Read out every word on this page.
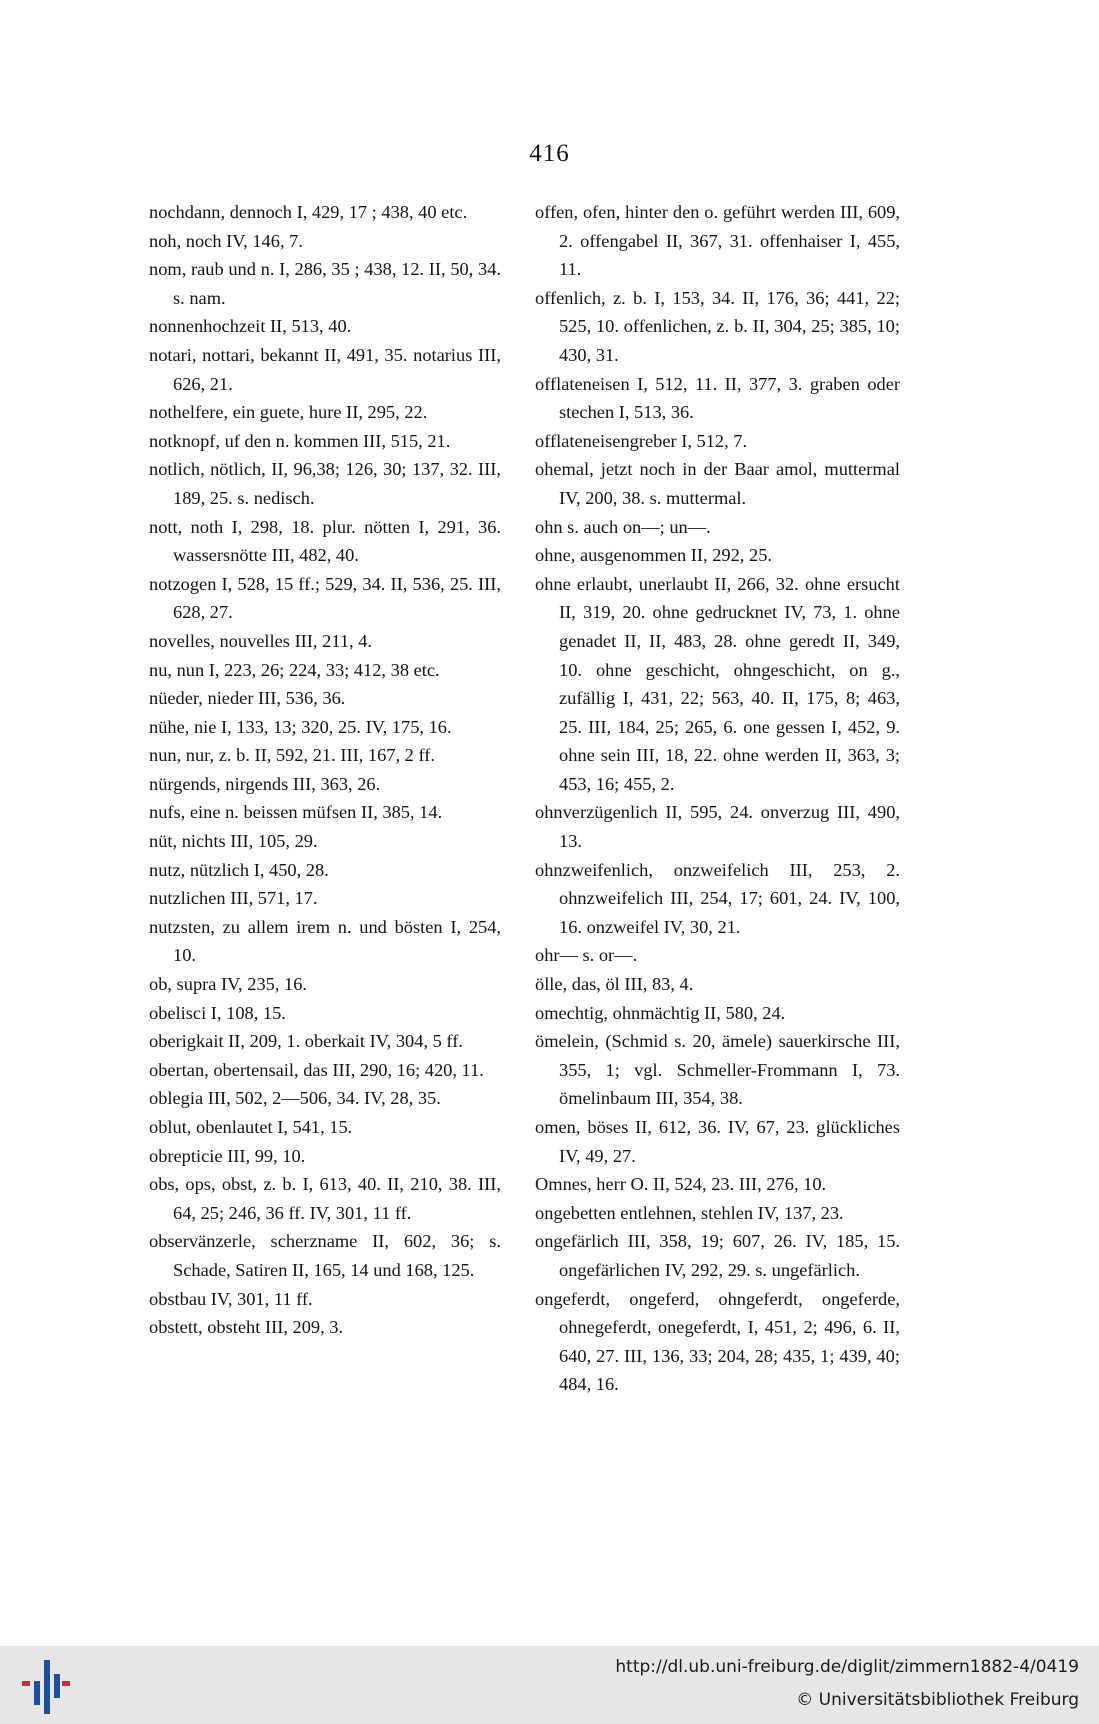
416
nochdann, dennoch I, 429, 17 ; 438, 40 etc.
noh, noch IV, 146, 7.
nom, raub und n. I, 286, 35 ; 438, 12. II, 50, 34. s. nam.
nonnenhochzeit II, 513, 40.
notari, nottari, bekannt II, 491, 35. notarius III, 626, 21.
nothelfere, ein guete, hure II, 295, 22.
notknopf, uf den n. kommen III, 515, 21.
notlich, nötlich, II, 96,38; 126, 30; 137, 32. III, 189, 25. s. nedisch.
nott, noth I, 298, 18. plur. nötten I, 291, 36. wassersnötte III, 482, 40.
notzogen I, 528, 15 ff.; 529, 34. II, 536, 25. III, 628, 27.
novelles, nouvelles III, 211, 4.
nu, nun I, 223, 26; 224, 33; 412, 38 etc.
nüeder, nieder III, 536, 36.
nühe, nie I, 133, 13; 320, 25. IV, 175, 16.
nun, nur, z. b. II, 592, 21. III, 167, 2 ff.
nürgends, nirgends III, 363, 26.
nufs, eine n. beissen müfsen II, 385, 14.
nüt, nichts III, 105, 29.
nutz, nützlich I, 450, 28.
nutzlichen III, 571, 17.
nutzsten, zu allem irem n. und bösten I, 254, 10.
ob, supra IV, 235, 16.
obelisci I, 108, 15.
oberigkait II, 209, 1. oberkait IV, 304, 5 ff.
obertan, obertensail, das III, 290, 16; 420, 11.
oblegia III, 502, 2—506, 34. IV, 28, 35.
oblut, obenlautet I, 541, 15.
obrepticie III, 99, 10.
obs, ops, obst, z. b. I, 613, 40. II, 210, 38. III, 64, 25; 246, 36 ff. IV, 301, 11 ff.
observänzerle, scherzname II, 602, 36; s. Schade, Satiren II, 165, 14 und 168, 125.
obstbau IV, 301, 11 ff.
obstett, obsteht III, 209, 3.
offen, ofen, hinter den o. geführt werden III, 609, 2. offengabel II, 367, 31. offenhaiser I, 455, 11.
offenlich, z. b. I, 153, 34. II, 176, 36; 441, 22; 525, 10. offenlichen, z. b. II, 304, 25; 385, 10; 430, 31.
offlateneisen I, 512, 11. II, 377, 3. graben oder stechen I, 513, 36.
offlateneisengreber I, 512, 7.
ohemal, jetzt noch in der Baar amol, muttermal IV, 200, 38. s. muttermal.
ohn s. auch on—; un—.
ohne, ausgenommen II, 292, 25.
ohne erlaubt, unerlaubt II, 266, 32. ohne ersucht II, 319, 20. ohne gedrucknet IV, 73, 1. ohne genadet II, II, 483, 28. ohne geredt II, 349, 10. ohne geschicht, ohngeschicht, on g., zufällig I, 431, 22; 563, 40. II, 175, 8; 463, 25. III, 184, 25; 265, 6. one gessen I, 452, 9. ohne sein III, 18, 22. ohne werden II, 363, 3; 453, 16; 455, 2.
ohnverzügenlich II, 595, 24. onverzug III, 490, 13.
ohnzweifenlich, onzweifelich III, 253, 2. ohnzweifelich III, 254, 17; 601, 24. IV, 100, 16. onzweifel IV, 30, 21.
ohr— s. or—.
ölle, das, öl III, 83, 4.
omechtig, ohnmächtig II, 580, 24.
ömelein, (Schmid s. 20, ämele) sauerkirsche III, 355, 1; vgl. Schmeller-Frommann I, 73. ömelinbaum III, 354, 38.
omen, böses II, 612, 36. IV, 67, 23. glückliches IV, 49, 27.
Omnes, herr O. II, 524, 23. III, 276, 10.
ongebetten entlehnen, stehlen IV, 137, 23.
ongefärlich III, 358, 19; 607, 26. IV, 185, 15. ongefärlichen IV, 292, 29. s. ungefärlich.
ongeferdt, ongeferd, ohngeferdt, ongeferde, ohnegeferdt, onegeferdt, I, 451, 2; 496, 6. II, 640, 27. III, 136, 33; 204, 28; 435, 1; 439, 40; 484, 16.
http://dl.ub.uni-freiburg.de/diglit/zimmern1882-4/0419
© Universitätsbibliothek Freiburg
